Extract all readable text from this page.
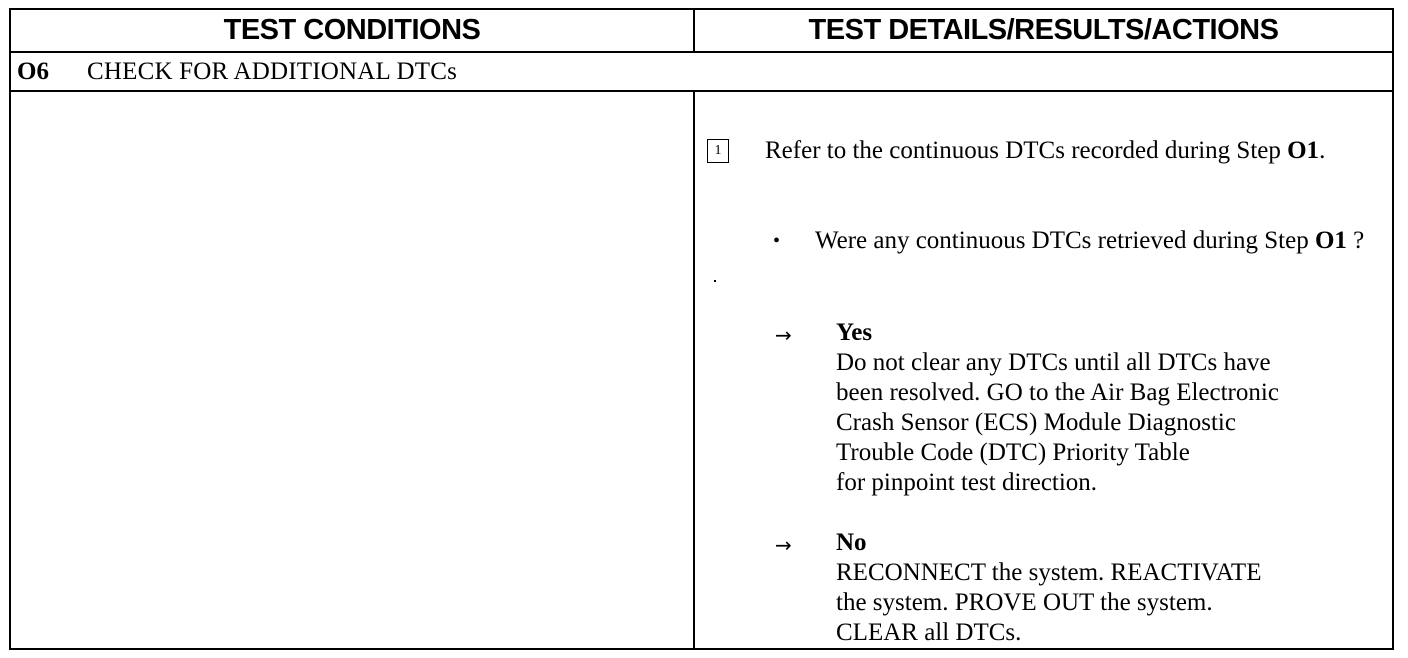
TEST CONDITIONS	TEST DETAILS/RESULTS/ACTIONS
O6	CHECK FOR ADDITIONAL DTCs
1	Refer to the continuous DTCs recorded during Step O1.
•	Were any continuous DTCs retrieved during Step O1 ?
→	Yes
Do not clear any DTCs until all DTCs have
been resolved. GO to the Air Bag Electronic
Crash Sensor (ECS) Module Diagnostic
Trouble Code (DTC) Priority Table
for pinpoint test direction.
→	No
RECONNECT the system. REACTIVATE
the system. PROVE OUT the system.
CLEAR all DTCs.
